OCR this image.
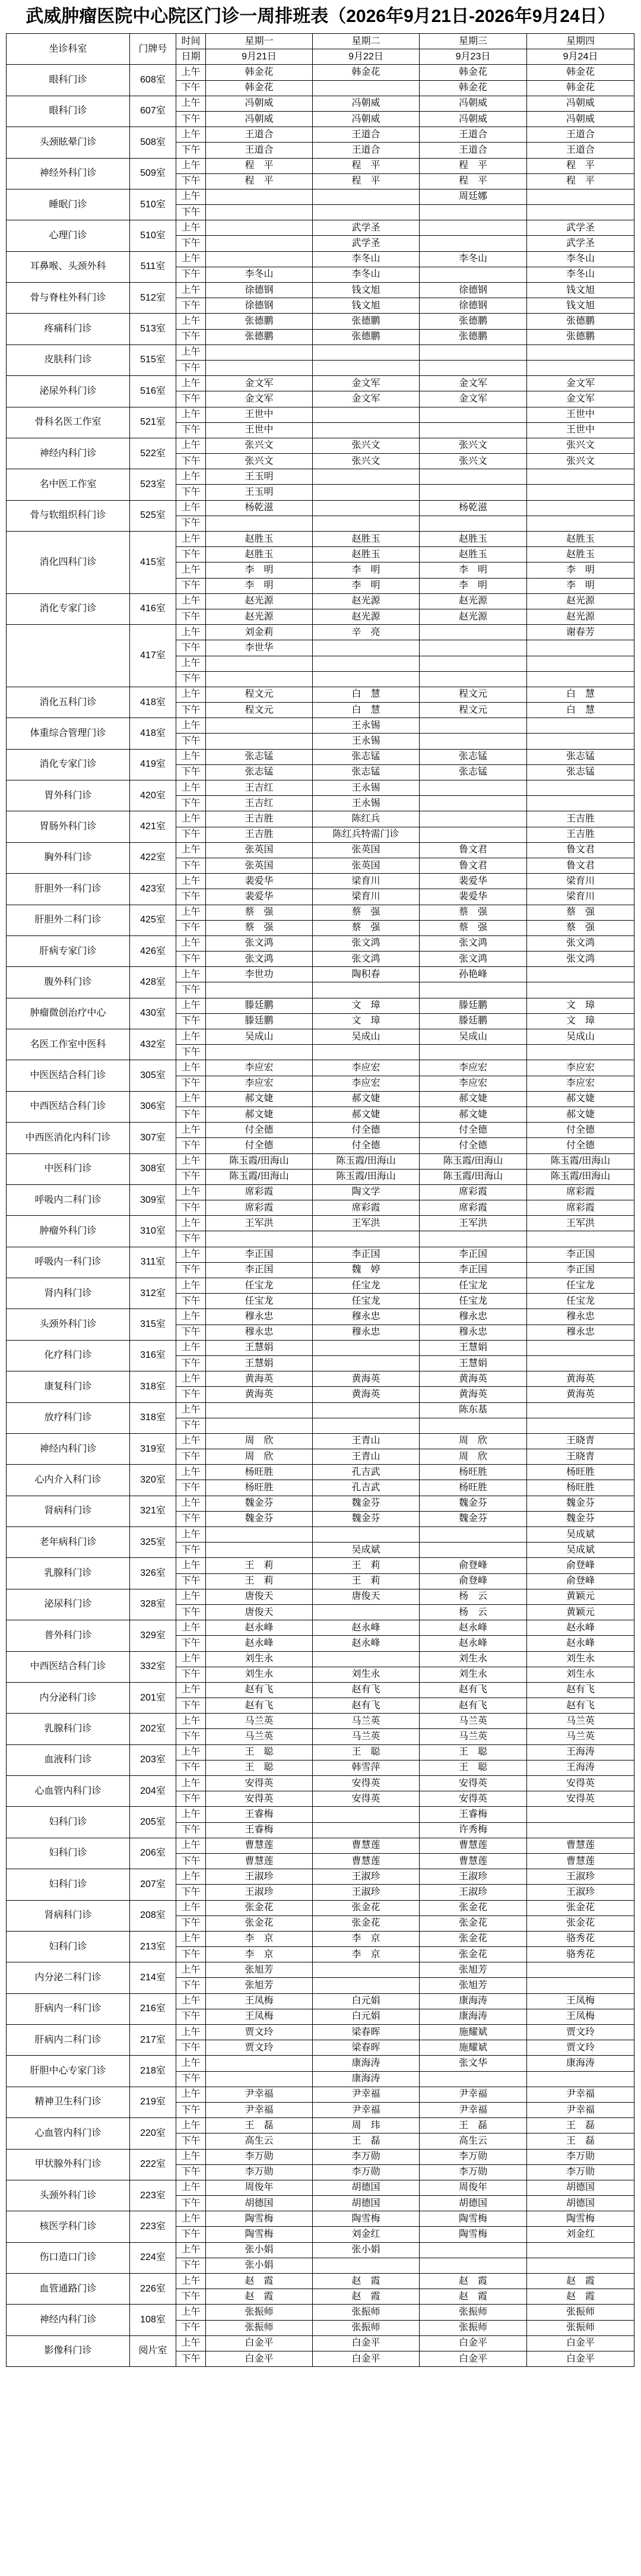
武威肿瘤医院中心院区门诊一周排班表（2026年9月21日-2026年9月24日）
坐诊科室	门牌号	时间	星期一	星期二	星期三	星期四
		日期	9月21日	9月22日	9月23日	9月24日
眼科门诊	608室	上午	韩金花	韩金花	韩金花	韩金花
		下午	韩金花		韩金花	韩金花
眼科门诊	607室	上午	冯朝威	冯朝威	冯朝威	冯朝威
		下午	冯朝威	冯朝威	冯朝威	冯朝威
头颈眩晕门诊	508室	上午	王道合	王道合	王道合	王道合
		下午	王道合	王道合	王道合	王道合
神经外科门诊	509室	上午	程　平	程　平	程　平	程　平
		下午	程　平	程　平	程　平	程　平
睡眠门诊	510室	上午			周廷娜	
		下午				
心理门诊	510室	上午		武学圣		武学圣
		下午		武学圣		武学圣
耳鼻喉、头颈外科	511室	上午		李冬山	李冬山	李冬山
		下午	李冬山	李冬山		李冬山
骨与脊柱外科门诊	512室	上午	徐德钢	钱文旭	徐德钢	钱文旭
		下午	徐德钢	钱文旭	徐德钢	钱文旭
疼痛科门诊	513室	上午	张德鹏	张德鹏	张德鹏	张德鹏
		下午	张德鹏	张德鹏	张德鹏	张德鹏
皮肤科门诊	515室	上午				
		下午				
泌尿外科门诊	516室	上午	金文军	金文军	金文军	金文军
		下午	金文军	金文军	金文军	金文军
骨科名医工作室	521室	上午	王世中			王世中
		下午	王世中			王世中
神经内科门诊	522室	上午	张兴文	张兴文	张兴文	张兴文
		下午	张兴文	张兴文	张兴文	张兴文
名中医工作室	523室	上午	王玉明			
		下午	王玉明			
骨与软组织科门诊	525室	上午	杨乾滋		杨乾滋	
		下午				
消化四科门诊	415室	上午	赵胜玉	赵胜玉	赵胜玉	赵胜玉
		下午	赵胜玉	赵胜玉	赵胜玉	赵胜玉
		上午	李　明	李　明	李　明	李　明
		下午	李　明	李　明	李　明	李　明
消化专家门诊	416室	上午	赵光源	赵光源	赵光源	赵光源
		下午	赵光源	赵光源	赵光源	赵光源
	417室	上午	刘金莉	辛　亮		谢春芳
		下午	李世华			
		上午				
		下午				
消化五科门诊	418室	上午	程文元	白　慧	程文元	白　慧
		下午	程文元	白　慧	程文元	白　慧
体重综合管理门诊	418室	上午		王永锡		
		下午		王永锡		
消化专家门诊	419室	上午	张志锰	张志锰	张志锰	张志锰
		下午	张志锰	张志锰	张志锰	张志锰
胃外科门诊	420室	上午	王吉红	王永锡		
		下午	王吉红	王永锡		
胃肠外科门诊	421室	上午	王吉胜	陈红兵		王吉胜
		下午	王吉胜	陈红兵特需门诊		王吉胜
胸外科门诊	422室	上午	张英国	张英国	鲁文君	鲁文君
		下午	张英国	张英国	鲁文君	鲁文君
肝胆外一科门诊	423室	上午	裴爱华	梁育川	裴爱华	梁育川
		下午	裴爱华	梁育川	裴爱华	梁育川
肝胆外二科门诊	425室	上午	蔡　强	蔡　强	蔡　强	蔡　强
		下午	蔡　强	蔡　强	蔡　强	蔡　强
肝病专家门诊	426室	上午	张文鸿	张文鸿	张文鸿	张文鸿
		下午	张文鸿	张文鸿	张文鸿	张文鸿
腹外科门诊	428室	上午	李世功	陶积春	孙艳峰	
		下午				
肿瘤微创治疗中心	430室	上午	滕廷鹏	文　璋	滕廷鹏	文　璋
		下午	滕廷鹏	文　璋	滕廷鹏	文　璋
名医工作室中医科	432室	上午	吴成山	吴成山	吴成山	吴成山
		下午				
中医医结合科门诊	305室	上午	李应宏	李应宏	李应宏	李应宏
		下午	李应宏	李应宏	李应宏	李应宏
中西医结合科门诊	306室	上午	郝文婕	郝文婕	郝文婕	郝文婕
		下午	郝文婕	郝文婕	郝文婕	郝文婕
中西医消化内科门诊	307室	上午	付全德	付全德	付全德	付全德
		下午	付全德	付全德	付全德	付全德
中医科门诊	308室	上午	陈玉霞/田海山	陈玉霞/田海山	陈玉霞/田海山	陈玉霞/田海山
		下午	陈玉霞/田海山	陈玉霞/田海山	陈玉霞/田海山	陈玉霞/田海山
呼吸内二科门诊	309室	上午	席彩霞	陶文学	席彩霞	席彩霞
		下午	席彩霞	席彩霞	席彩霞	席彩霞
肿瘤外科门诊	310室	上午	王军洪	王军洪	王军洪	王军洪
		下午				
呼吸内一科门诊	311室	上午	李正国	李正国	李正国	李正国
		下午	李正国	魏　婷	李正国	李正国
肾内科门诊	312室	上午	任宝龙	任宝龙	任宝龙	任宝龙
		下午	任宝龙	任宝龙	任宝龙	任宝龙
头颈外科门诊	315室	上午	穆永忠	穆永忠	穆永忠	穆永忠
		下午	穆永忠	穆永忠	穆永忠	穆永忠
化疗科门诊	316室	上午	王慧娟		王慧娟	
		下午	王慧娟		王慧娟	
康复科门诊	318室	上午	黄海英	黄海英	黄海英	黄海英
		下午	黄海英	黄海英	黄海英	黄海英
放疗科门诊	318室	上午			陈东基	
		下午				
神经内科门诊	319室	上午	周　欣	王青山	周　欣	王晓青
		下午	周　欣	王青山	周　欣	王晓青
心内介入科门诊	320室	上午	杨旺胜	孔吉武	杨旺胜	杨旺胜
		下午	杨旺胜	孔吉武	杨旺胜	杨旺胜
肾病科门诊	321室	上午	魏金芬	魏金芬	魏金芬	魏金芬
		下午	魏金芬	魏金芬	魏金芬	魏金芬
老年病科门诊	325室	上午				吴成斌
		下午		吴成斌		吴成斌
乳腺科门诊	326室	上午	王　莉	王　莉	俞登峰	俞登峰
		下午	王　莉	王　莉	俞登峰	俞登峰
泌尿科门诊	328室	上午	唐俊天	唐俊天	杨　云	黄颖元
		下午	唐俊天		杨　云	黄颖元
普外科门诊	329室	上午	赵永峰	赵永峰	赵永峰	赵永峰
		下午	赵永峰	赵永峰	赵永峰	赵永峰
中西医结合科门诊	332室	上午	刘生永		刘生永	刘生永
		下午	刘生永	刘生永	刘生永	刘生永
内分泌科门诊	201室	上午	赵有飞	赵有飞	赵有飞	赵有飞
		下午	赵有飞	赵有飞	赵有飞	赵有飞
乳腺科门诊	202室	上午	马兰英	马兰英	马兰英	马兰英
		下午	马兰英	马兰英	马兰英	马兰英
血液科门诊	203室	上午	王　聪	王　聪	王　聪	王海涛
		下午	王　聪	韩雪萍	王　聪	王海涛
心血管内科门诊	204室	上午	安得英	安得英	安得英	安得英
		下午	安得英	安得英	安得英	安得英
妇科门诊	205室	上午	王睿梅		王睿梅	
		下午	王睿梅		许秀梅	
妇科门诊	206室	上午	曹慧莲	曹慧莲	曹慧莲	曹慧莲
		下午	曹慧莲	曹慧莲	曹慧莲	曹慧莲
妇科门诊	207室	上午	王淑珍	王淑珍	王淑珍	王淑珍
		下午	王淑珍	王淑珍	王淑珍	王淑珍
肾病科门诊	208室	上午	张金花	张金花	张金花	张金花
		下午	张金花	张金花	张金花	张金花
妇科门诊	213室	上午	李　京	李　京	张金花	骆秀花
		下午	李　京	李　京	张金花	骆秀花
内分泌二科门诊	214室	上午	张旭芳		张旭芳	
		下午	张旭芳		张旭芳	
肝病内一科门诊	216室	上午	王凤梅	白元娟	康海涛	王凤梅
		下午	王凤梅	白元娟	康海涛	王凤梅
肝病内二科门诊	217室	上午	贾文玲	梁春晖	施耀斌	贾文玲
		下午	贾文玲	梁春晖	施耀斌	贾文玲
肝胆中心专家门诊	218室	上午		康海涛	张文华	康海涛
		下午		康海涛		
精神卫生科门诊	219室	上午	尹幸福	尹幸福	尹幸福	尹幸福
		下午	尹幸福	尹幸福	尹幸福	尹幸福
心血管内科门诊	220室	上午	王　磊	周　玮	王　磊	王　磊
		下午	高生云	王　磊	高生云	王　磊
甲状腺外科门诊	222室	上午	李万勋	李万勋	李万勋	李万勋
		下午	李万勋	李万勋	李万勋	李万勋
头颈外科门诊	223室	上午	周俊年	胡德国	周俊年	胡德国
		下午	胡德国	胡德国	胡德国	胡德国
核医学科门诊	223室	上午	陶雪梅	陶雪梅	陶雪梅	陶雪梅
		下午	陶雪梅	刘金红	陶雪梅	刘金红
伤口造口门诊	224室	上午	张小娟	张小娟		
		下午	张小娟			
血管通路门诊	226室	上午	赵　霞	赵　霞	赵　霞	赵　霞
		下午	赵　霞	赵　霞	赵　霞	赵　霞
神经内科门诊	108室	上午	张振师	张振师	张振师	张振师
		下午	张振师	张振师	张振师	张振师
影像科门诊	阅片室	上午	白金平	白金平	白金平	白金平
		下午	白金平	白金平	白金平	白金平
